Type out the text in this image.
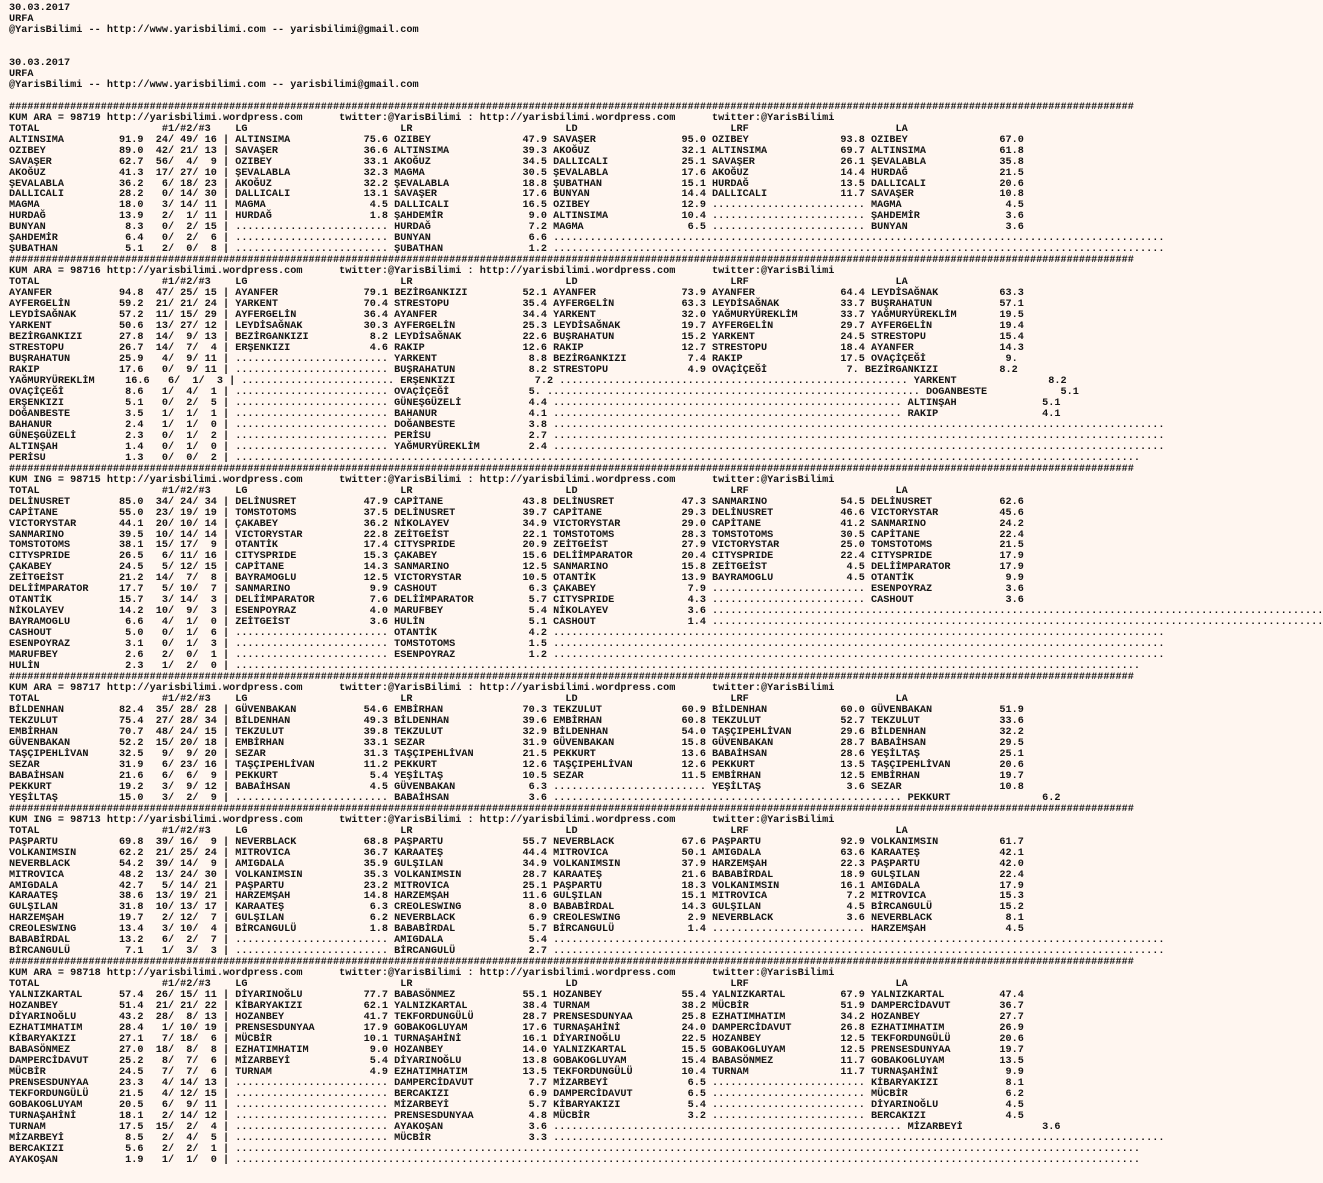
30.03.2017
URFA
@YarisBilimi -- http://www.yarisbilimi.com -- yarisbilimi@gmail.com

30.03.2017
URFA
@YarisBilimi -- http://www.yarisbilimi.com -- yarisbilimi@gmail.com

########################################################################################################################################################################################
KUM ARA = 98719 http://yarisbilimi.wordpress.com      twitter:@YarisBilimi : http://yarisbilimi.wordpress.com      twitter:@YarisBilimi
TOTAL                    #1/#2/#3    LG                         LR                         LD                         LRF                        LA
ALTINSIMA         91.9  24/ 49/ 16 | ALTINSIMA            75.6 OZIBEY               47.9 SAVAŞER              95.0 OZIBEY               93.8 OZIBEY               67.0
OZIBEY            89.0  42/ 21/ 13 | SAVAŞER              36.6 ALTINSIMA            39.3 AKOĞUZ               32.1 ALTINSIMA            69.7 ALTINSIMA            61.8
SAVAŞER           62.7  56/  4/  9 | OZIBEY               33.1 AKOĞUZ               34.5 DALLICALI            25.1 SAVAŞER              26.1 ŞEVALABLA            35.8
AKOĞUZ            41.3  17/ 27/ 10 | ŞEVALABLA            32.3 MAGMA                30.5 ŞEVALABLA            17.6 AKOĞUZ               14.4 HURDAĞ               21.5
ŞEVALABLA         36.2   6/ 18/ 23 | AKOĞUZ               32.2 ŞEVALABLA            18.8 ŞUBATHAN             15.1 HURDAĞ               13.5 DALLICALI            20.6
DALLICALI         28.2   0/ 14/ 30 | DALLICALI            13.1 SAVAŞER              17.6 BUNYAN               14.4 DALLICALI            11.7 SAVAŞER              10.8
MAGMA             18.0   3/ 14/ 11 | MAGMA                 4.5 DALLICALI            16.5 OZIBEY               12.9 ......................... MAGMA                 4.5
HURDAĞ            13.9   2/  1/ 11 | HURDAĞ                1.8 ŞAHDEMİR              9.0 ALTINSIMA            10.4 ......................... ŞAHDEMİR              3.6
BUNYAN             8.3   0/  2/ 15 | ......................... HURDAĞ                7.2 MAGMA                 6.5 ......................... BUNYAN                3.6
ŞAHDEMİR           6.4   0/  2/  6 | ......................... BUNYAN                6.6 ....................................................................................................
ŞUBATHAN           5.1   2/  0/  8 | ......................... ŞUBATHAN              1.2 ....................................................................................................
########################################################################################################################################################################################
KUM ARA = 98716 http://yarisbilimi.wordpress.com      twitter:@YarisBilimi : http://yarisbilimi.wordpress.com      twitter:@YarisBilimi
TOTAL                    #1/#2/#3    LG                         LR                         LD                         LRF                        LA
AYANFER           94.8  47/ 25/ 15 | AYANFER              79.1 BEZİRGANKIZI         52.1 AYANFER              73.9 AYANFER              64.4 LEYDİSAĞNAK          63.3
AYFERGELİN        59.2  21/ 21/ 24 | YARKENT              70.4 STRESTOPU            35.4 AYFERGELİN           63.3 LEYDİSAĞNAK          33.7 BUŞRAHATUN           57.1
LEYDİSAĞNAK       57.2  11/ 15/ 29 | AYFERGELİN           36.4 AYANFER              34.4 YARKENT              32.0 YAĞMURYÜREKLİM       33.7 YAĞMURYÜREKLİM       19.5
YARKENT           50.6  13/ 27/ 12 | LEYDİSAĞNAK          30.3 AYFERGELİN           25.3 LEYDİSAĞNAK          19.7 AYFERGELİN           29.7 AYFERGELİN           19.4
BEZİRGANKIZI      27.8  14/  9/ 13 | BEZİRGANKIZI          8.2 LEYDİSAĞNAK          22.6 BUŞRAHATUN           15.2 YARKENT              24.5 STRESTOPU            15.4
STRESTOPU         26.7  14/  7/  4 | ERŞENKIZI             4.6 RAKIP                12.6 RAKIP                12.7 STRESTOPU            18.4 AYANFER              14.3
BUŞRAHATUN        25.9   4/  9/ 11 | ......................... YARKENT               8.8 BEZİRGANKIZI          7.4 RAKIP                17.5 OVAÇİÇEĞİ             9.
RAKIP             17.6   0/  9/ 11 | ......................... BUŞRAHATUN            8.2 STRESTOPU             4.9 OVAÇİÇEĞİ             7. BEZİRGANKIZI          8.2
YAĞMURYÜREKLİM     16.6   6/  1/  3 | ......................... ERŞENKIZI             7.2 ......................................................... YARKENT               8.2
OVAÇİÇEĞİ          8.6   1/  4/  1 | ......................... OVAÇİÇEĞİ             5. ............................................................. DOGANBESTE            5.1
ERŞENKIZI          5.1   0/  2/  5 | ......................... GÜNEŞGÜZELİ           4.4 ......................................................... ALTINŞAH              5.1
DOĞANBESTE         3.5   1/  1/  1 | ......................... BAHANUR               4.1 ......................................................... RAKIP                 4.1
BAHANUR            2.4   1/  1/  0 | ......................... DOĞANBESTE            3.8 ....................................................................................................
GÜNEŞGÜZELİ        2.3   0/  1/  2 | ......................... PERİSU                2.7 ....................................................................................................
ALTINŞAH           1.4   0/  1/  0 | ......................... YAĞMURYÜREKLİM        2.4 ....................................................................................................
PERİSU             1.3   0/  0/  2 | ....................................................................................................................................................
########################################################################################################################################################################################
KUM ING = 98715 http://yarisbilimi.wordpress.com      twitter:@YarisBilimi : http://yarisbilimi.wordpress.com      twitter:@YarisBilimi
TOTAL                    #1/#2/#3    LG                         LR                         LD                         LRF                        LA
DELİNUSRET        85.0  34/ 24/ 34 | DELİNUSRET           47.9 CAPİTANE             43.8 DELİNUSRET           47.3 SANMARINO            54.5 DELİNUSRET           62.6
CAPİTANE          55.0  23/ 19/ 19 | TOMSTOTOMS           37.5 DELİNUSRET           39.7 CAPİTANE             29.3 DELİNUSRET           46.6 VICTORYSTAR          45.6
VICTORYSTAR       44.1  20/ 10/ 14 | ÇAKABEY              36.2 NİKOLAYEV            34.9 VICTORYSTAR          29.0 CAPİTANE             41.2 SANMARINO            24.2
SANMARINO         39.5  10/ 14/ 14 | VICTORYSTAR          22.8 ZEİTGEİST            22.1 TOMSTOTOMS           28.3 TOMSTOTOMS           30.5 CAPİTANE             22.4
TOMSTOTOMS        38.1  15/ 17/  9 | OTANTİK              17.4 CITYSPRIDE           20.9 ZEİTGEİST            27.9 VICTORYSTAR          25.0 TOMSTOTOMS           21.5
CITYSPRIDE        26.5   6/ 11/ 16 | CITYSPRIDE           15.3 ÇAKABEY              15.6 DELİİMPARATOR        20.4 CITYSPRIDE           22.4 CITYSPRIDE           17.9
ÇAKABEY           24.5   5/ 12/ 15 | CAPİTANE             14.3 SANMARINO            12.5 SANMARINO            15.8 ZEİTGEİST             4.5 DELİİMPARATOR        17.9
ZEİTGEİST         21.2  14/  7/  8 | BAYRAMOGLU           12.5 VICTORYSTAR          10.5 OTANTİK              13.9 BAYRAMOGLU            4.5 OTANTİK               9.9
DELİİMPARATOR     17.7   5/ 10/  7 | SANMARINO             9.9 CASHOUT               6.3 ÇAKABEY               7.9 ......................... ESENPOYRAZ            3.6
OTANTİK           15.7   3/ 14/  3 | DELİİMPARATOR         7.6 DELİİMPARATOR         5.7 CITYSPRIDE            4.3 ......................... CASHOUT               3.6
NİKOLAYEV         14.2  10/  9/  3 | ESENPOYRAZ            4.0 MARUFBEY              5.4 NİKOLAYEV             3.6 ....................................................................................................
BAYRAMOGLU         6.6   4/  1/  0 | ZEİTGEİST             3.6 HULİN                 5.1 CASHOUT               1.4 ....................................................................................................
CASHOUT            5.0   0/  1/  6 | ......................... OTANTİK               4.2 ....................................................................................................
ESENPOYRAZ         3.1   0/  1/  3 | ......................... TOMSTOTOMS            1.5 ....................................................................................................
MARUFBEY           2.6   2/  0/  1 | ......................... ESENPOYRAZ            1.2 ....................................................................................................
HULİN              2.3   1/  2/  0 | ....................................................................................................................................................
########################################################################################################################################################################################
KUM ARA = 98717 http://yarisbilimi.wordpress.com      twitter:@YarisBilimi : http://yarisbilimi.wordpress.com      twitter:@YarisBilimi
TOTAL                    #1/#2/#3    LG                         LR                         LD                         LRF                        LA
BİLDENHAN         82.4  35/ 28/ 28 | GÜVENBAKAN           54.6 EMBİRHAN             70.3 TEKZULUT             60.9 BİLDENHAN            60.0 GÜVENBAKAN           51.9
TEKZULUT          75.4  27/ 28/ 34 | BİLDENHAN            49.3 BİLDENHAN            39.6 EMBİRHAN             60.8 TEKZULUT             52.7 TEKZULUT             33.6
EMBİRHAN          70.7  48/ 24/ 15 | TEKZULUT             39.8 TEKZULUT             32.9 BİLDENHAN            54.0 TAŞÇIPEHLİVAN        29.6 BİLDENHAN            32.2
GÜVENBAKAN        52.2  15/ 20/ 18 | EMBİRHAN             33.1 SEZAR                31.9 GÜVENBAKAN           15.8 GÜVENBAKAN           28.7 BABAİHSAN            29.5
TAŞÇIPEHLİVAN     32.5   9/  9/ 20 | SEZAR                31.3 TAŞÇIPEHLİVAN        21.5 PEKKURT              13.6 BABAİHSAN            28.6 YEŞİLTAŞ             25.1
SEZAR             31.9   6/ 23/ 16 | TAŞÇIPEHLİVAN        11.2 PEKKURT              12.6 TAŞÇIPEHLİVAN        12.6 PEKKURT              13.5 TAŞÇIPEHLİVAN        20.6
BABAİHSAN         21.6   6/  6/  9 | PEKKURT               5.4 YEŞİLTAŞ             10.5 SEZAR                11.5 EMBİRHAN             12.5 EMBİRHAN             19.7
PEKKURT           19.2   3/  9/ 12 | BABAİHSAN             4.5 GÜVENBAKAN            6.3 ......................... YEŞİLTAŞ              3.6 SEZAR                10.8
YEŞİLTAŞ          15.0   3/  2/  9 | ......................... BABAİHSAN             3.6 ......................................................... PEKKURT               6.2
########################################################################################################################################################################################
KUM ING = 98713 http://yarisbilimi.wordpress.com      twitter:@YarisBilimi : http://yarisbilimi.wordpress.com      twitter:@YarisBilimi
TOTAL                    #1/#2/#3    LG                         LR                         LD                         LRF                        LA
PAŞPARTU          69.8  39/ 16/  9 | NEVERBLACK           68.8 PAŞPARTU             55.7 NEVERBLACK           67.6 PAŞPARTU             92.9 VOLKANIMSIN          61.7
VOLKANIMSIN       62.2  21/ 25/ 24 | MITROVICA            36.7 KARAATEŞ             44.4 MITROVICA            50.1 AMIGDALA             63.6 KARAATEŞ             42.1
NEVERBLACK        54.2  39/ 14/  9 | AMIGDALA             35.9 GULŞILAN             34.9 VOLKANIMSIN          37.9 HARZEMŞAH            22.3 PAŞPARTU             42.0
MITROVICA         48.2  13/ 24/ 30 | VOLKANIMSIN          35.3 VOLKANIMSIN          28.7 KARAATEŞ             21.6 BABABİRDAL           18.9 GULŞILAN             22.4
AMIGDALA          42.7   5/ 14/ 21 | PAŞPARTU             23.2 MITROVICA            25.1 PAŞPARTU             18.3 VOLKANIMSIN          16.1 AMIGDALA             17.9
KARAATEŞ          38.6  13/ 19/ 21 | HARZEMŞAH            14.8 HARZEMŞAH            11.6 GULŞILAN             15.1 MITROVICA             7.2 MITROVICA            15.3
GULŞILAN          31.8  10/ 13/ 17 | KARAATEŞ              6.3 CREOLESWING           8.0 BABABİRDAL           14.3 GULŞILAN              4.5 BİRCANGULÜ           15.2
HARZEMŞAH         19.7   2/ 12/  7 | GULŞILAN              6.2 NEVERBLACK            6.9 CREOLESWING           2.9 NEVERBLACK            3.6 NEVERBLACK            8.1
CREOLESWING       13.4   3/ 10/  4 | BİRCANGULÜ            1.8 BABABİRDAL            5.7 BİRCANGULÜ            1.4 ......................... HARZEMŞAH             4.5
BABABİRDAL        13.2   6/  2/  7 | ......................... AMIGDALA              5.4 ....................................................................................................
BİRCANGULÜ         7.1   1/  3/  3 | ......................... BİRCANGULÜ            2.7 ....................................................................................................
########################################################################################################################################################################################
KUM ARA = 98718 http://yarisbilimi.wordpress.com      twitter:@YarisBilimi : http://yarisbilimi.wordpress.com      twitter:@YarisBilimi
TOTAL                    #1/#2/#3    LG                         LR                         LD                         LRF                        LA
YALNIZKARTAL      57.4  26/ 15/ 11 | DİYARINOĞLU          77.7 BABASÖNMEZ           55.1 HOZANBEY             55.4 YALNIZKARTAL         67.9 YALNIZKARTAL         47.4
HOZANBEY          51.4  21/ 21/ 22 | KİBARYAKIZI          62.1 YALNIZKARTAL         38.4 TURNAM               38.2 MÜCBİR               51.9 DAMPERCİDAVUT        36.7
DİYARINOĞLU       43.2  28/  8/ 13 | HOZANBEY             41.7 TEKFORDUNGÜLÜ        28.7 PRENSESDUNYAA        25.8 EZHATIMHATIM         34.2 HOZANBEY             27.7
EZHATIMHATIM      28.4   1/ 10/ 19 | PRENSESDUNYAA        17.9 GOBAKOGLUYAM         17.6 TURNAŞAHİNİ          24.0 DAMPERCİDAVUT        26.8 EZHATIMHATIM         26.9
KİBARYAKIZI       27.1   7/ 18/  6 | MÜCBİR               10.1 TURNAŞAHİNİ          16.1 DİYARINOĞLU          22.5 HOZANBEY             12.5 TEKFORDUNGÜLÜ        20.6
BABASÖNMEZ        27.0  18/  8/  8 | EZHATIMHATIM          9.0 HOZANBEY             14.0 YALNIZKARTAL         15.5 GOBAKOGLUYAM         12.5 PRENSESDUNYAA        19.7
DAMPERCİDAVUT     25.2   8/  7/  6 | MİZARBEYİ             5.4 DİYARINOĞLU          13.8 GOBAKOGLUYAM         15.4 BABASÖNMEZ           11.7 GOBAKOGLUYAM         13.5
MÜCBİR            24.5   7/  7/  6 | TURNAM                4.9 EZHATIMHATIM         13.5 TEKFORDUNGÜLÜ        10.4 TURNAM               11.7 TURNAŞAHİNİ           9.9
PRENSESDUNYAA     23.3   4/ 14/ 13 | ......................... DAMPERCİDAVUT         7.7 MİZARBEYİ             6.5 ......................... KİBARYAKIZI           8.1
TEKFORDUNGÜLÜ     21.5   4/ 12/ 15 | ......................... BERCAKIZI             6.9 DAMPERCİDAVUT         6.5 ......................... MÜCBİR                6.2
GOBAKOGLUYAM      20.5   6/  9/ 11 | ......................... MİZARBEYİ             5.7 KİBARYAKIZI           5.4 ......................... DİYARINOĞLU           4.5
TURNAŞAHİNİ       18.1   2/ 14/ 12 | ......................... PRENSESDUNYAA         4.8 MÜCBİR                3.2 ......................... BERCAKIZI             4.5
TURNAM            17.5  15/  2/  4 | ......................... AYAKOŞAN              3.6 ......................................................... MİZARBEYİ             3.6
MİZARBEYİ          8.5   2/  4/  5 | ......................... MÜCBİR                3.3 ....................................................................................................
BERCAKIZI          5.6   2/  2/  1 | ....................................................................................................................................................
AYAKOŞAN           1.9   1/  1/  0 | ....................................................................................................................................................
